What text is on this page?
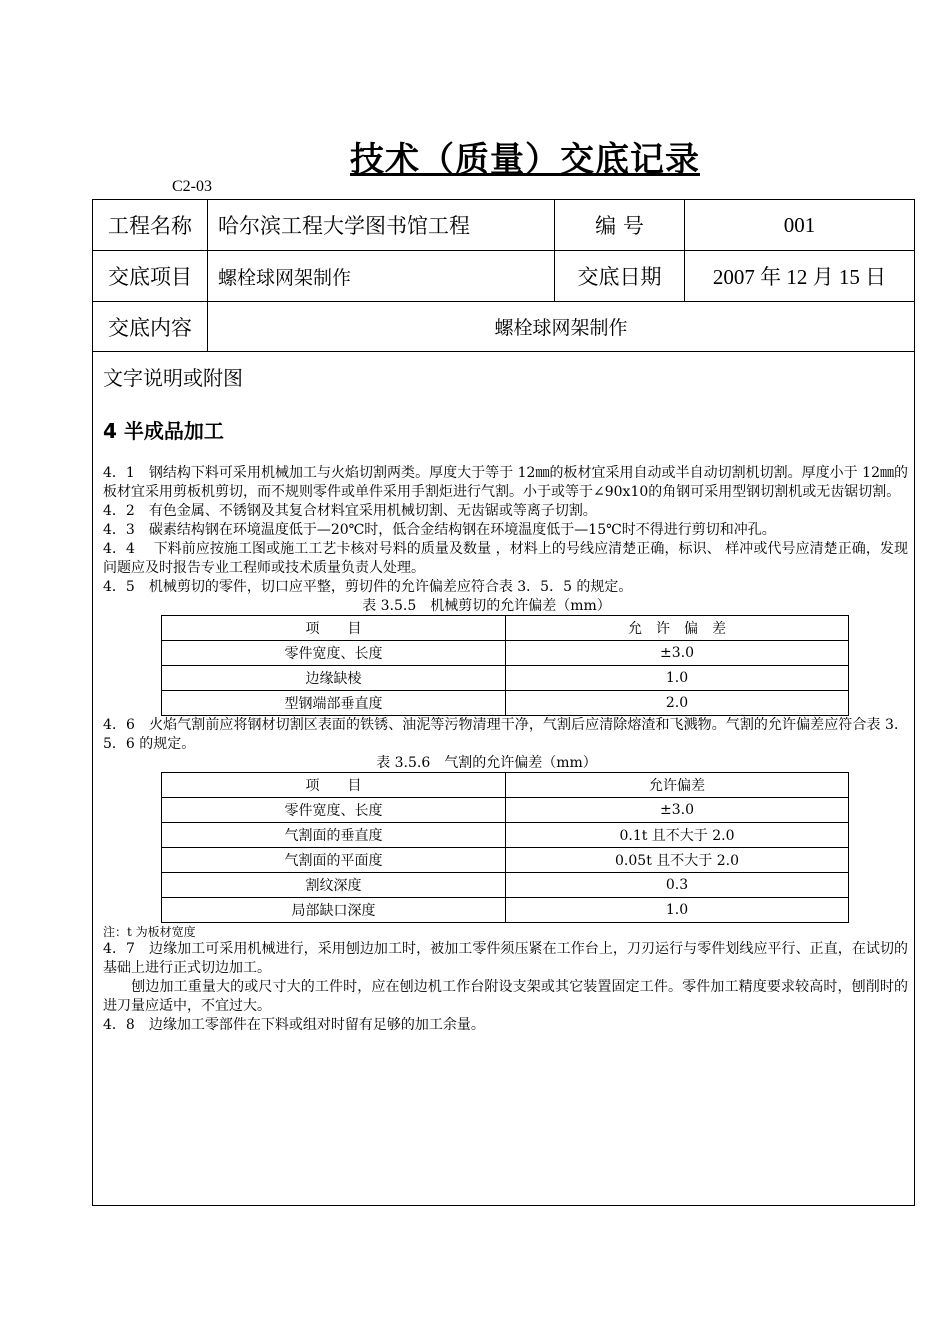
技术（质量）交底记录
C2-03
工程名称	哈尔滨工程大学图书馆工程	编 号	001
交底项目	螺栓球网架制作	交底日期	2007 年 12 月 15 日
交底内容	螺栓球网架制作
文字说明或附图
4 半成品加工

4．1　钢结构下料可采用机械加工与火焰切割两类。厚度大于等于 12㎜的板材宜采用自动或半自动切割机切割。厚度小于 12㎜的板材宜采用剪板机剪切，而不规则零件或单件采用手割炬进行气割。小于或等于∠90x10的角钢可采用型钢切割机或无齿锯切割。

4．2　有色金属、不锈钢及其复合材料宜采用机械切割、无齿锯或等离子切割。

4．3　碳素结构钢在环境温度低于—20℃时，低合金结构钢在环境温度低于—15℃时不得进行剪切和冲孔。

4．4　 下料前应按施工图或施工工艺卡核对号料的质量及数量 ，材料上的号线应清楚正确，标识、 样冲或代号应清楚正确，发现问题应及时报告专业工程师或技术质量负责人处理。

4．5　机械剪切的零件，切口应平整，剪切件的允许偏差应符合表 3．5．5 的规定。

表 3.5.5　机械剪切的允许偏差（mm）
项　　目	允　许　偏　差
零件宽度、长度	±3.0
边缘缺棱	1.0
型钢端部垂直度	2.0

4．6　火焰气割前应将钢材切割区表面的铁锈、油泥等污物清理干净，气割后应清除熔渣和飞溅物。气割的允许偏差应符合表 3．5．6 的规定。

表 3.5.6　气割的允许偏差（mm）
项　　目	允许偏差
零件宽度、长度	±3.0
气割面的垂直度	0.1t 且不大于 2.0
气割面的平面度	0.05t 且不大于 2.0
割纹深度	0.3
局部缺口深度	1.0

注：t 为板材宽度

4．7　边缘加工可采用机械进行，采用刨边加工时，被加工零件须压紧在工作台上，刀刃运行与零件划线应平行、正直，在试切的基础上进行正式切边加工。

　　刨边加工重量大的或尺寸大的工件时，应在刨边机工作台附设支架或其它装置固定工件。零件加工精度要求较高时，刨削时的进刀量应适中，不宜过大。

4．8　边缘加工零部件在下料或组对时留有足够的加工余量。
